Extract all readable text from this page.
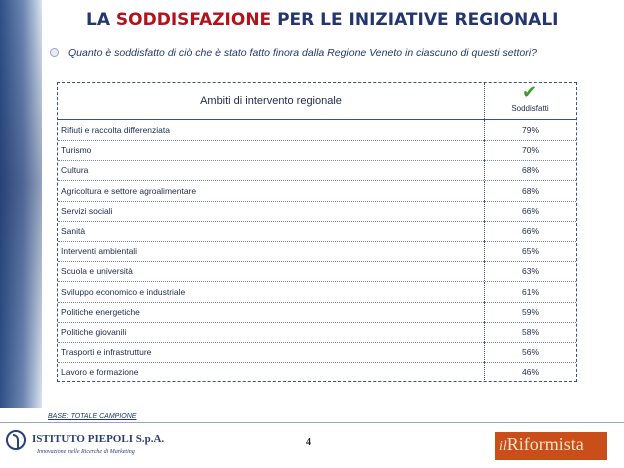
LA SODDISFAZIONE PER LE INIZIATIVE REGIONALI
Quanto è soddisfatto di ciò che è stato fatto finora dalla Regione Veneto in ciascuno di questi settori?
Ambiti di intervento regionale	✔
Soddisfatti
Rifiuti e raccolta differenziata	79%
Turismo	70%
Cultura	68%
Agricoltura e settore agroalimentare	68%
Servizi sociali	66%
Sanità	66%
Interventi ambientali	65%
Scuola e università	63%
Sviluppo economico e industriale	61%
Politiche energetiche	59%
Politiche giovanili	58%
Trasporti e infrastrutture	56%
Lavoro e formazione	46%
BASE: TOTALE CAMPIONE
ISTITUTO PIEPOLI S.p.A.
Innovazione nelle Ricerche di Marketing
4	ilRiformista
